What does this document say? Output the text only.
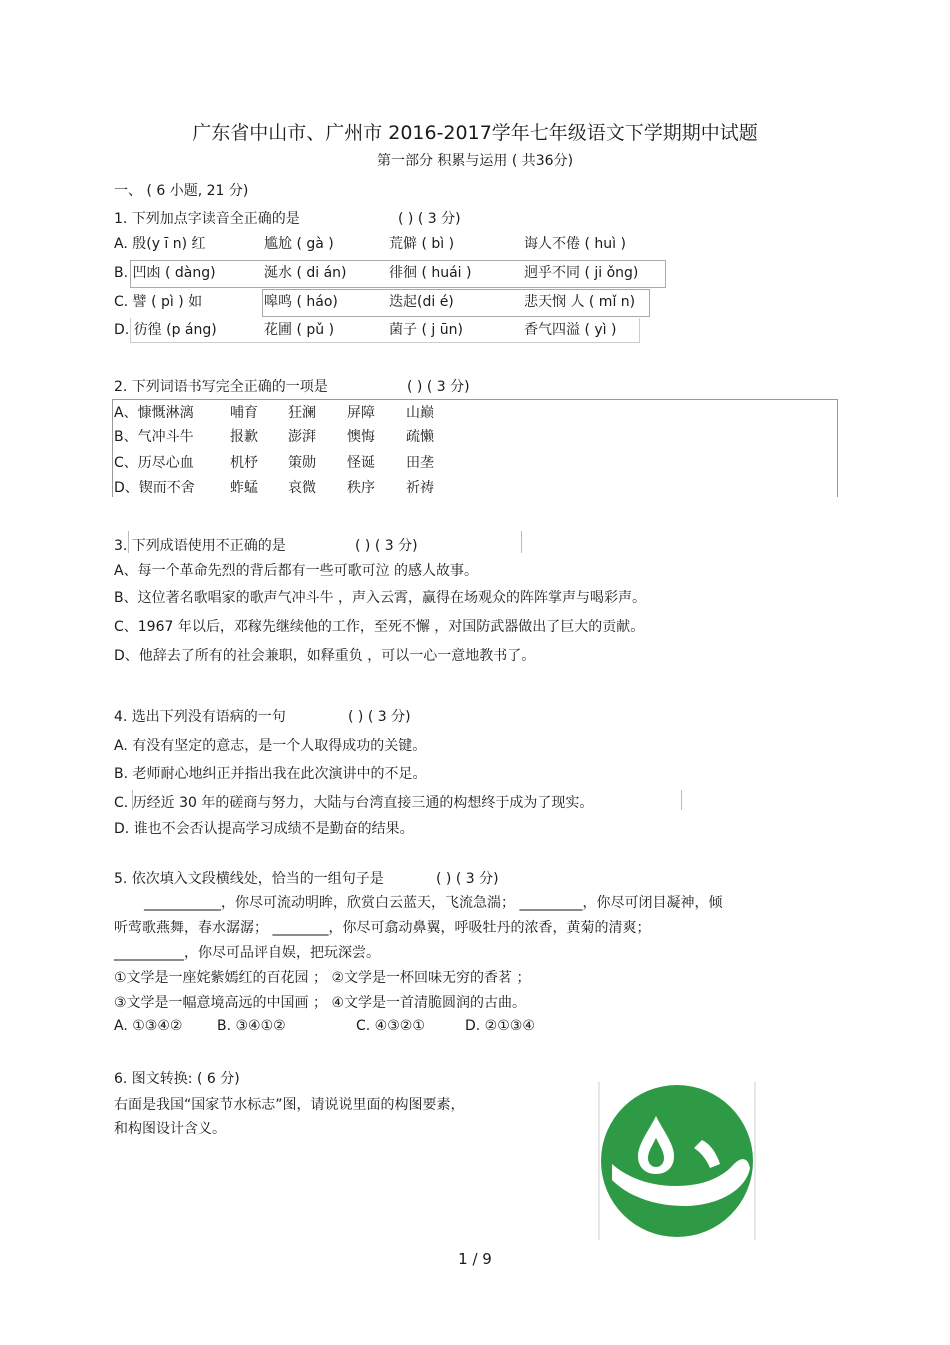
广东省中山市、广州市 2016-2017学年七年级语文下学期期中试题
第一部分 积累与运用 ( 共36分)
一、 ( 6 小题, 21 分)
1. 下列加点字读音全正确的是	( ) ( 3 分)
A. 殷(y ī n) 红	尴尬 ( gà )	荒僻 ( bì )	诲人不倦 ( huì )
B. 凹凼 ( dàng)	涎水 ( di án)	徘徊 ( huái )	迥乎不同 ( ji ǒng)
C. 譬 ( pì ) 如	嗥鸣 ( háo)	迭起(di é)	悲天悯 人 ( mǐ n)
D. 彷徨 (p áng)	花圃 ( pǔ )	菌子 ( j ūn)	香气四溢 ( yì )
2. 下列词语书写完全正确的一项是	( ) ( 3 分)
A、慷慨淋漓	哺育 狂澜 屏障 山巅
B、气冲斗牛	报歉 澎湃 懊悔 疏懒
C、历尽心血	机杼 策勋 怪诞 田垄
D、锲而不舍	蚱蜢 哀微 秩序 祈祷
3. 下列成语使用不正确的是	( ) ( 3 分)
A、每一个革命先烈的背后都有一些可歌可泣 的感人故事。
B、这位著名歌唱家的歌声气冲斗牛 ，声入云霄，赢得在场观众的阵阵掌声与喝彩声。
C、1967 年以后，邓稼先继续他的工作，至死不懈 ，对国防武器做出了巨大的贡献。
D、他辞去了所有的社会兼职，如释重负 ，可以一心一意地教书了。
4. 选出下列没有语病的一句	( ) ( 3 分)
A. 有没有坚定的意志，是一个人取得成功的关键。
B. 老师耐心地纠正并指出我在此次演讲中的不足。
C. 历经近 30 年的磋商与努力，大陆与台湾直接三通的构想终于成为了现实。
D. 谁也不会否认提高学习成绩不是勤奋的结果。
5. 依次填入文段横线处，恰当的一组句子是	( ) ( 3 分)
___________，你尽可流动明眸，欣赏白云蓝天，飞流急湍； _________，你尽可闭目凝神，倾
听莺歌燕舞，春水潺潺； ________，你尽可翕动鼻翼，呼吸牡丹的浓香，黄菊的清爽；
__________，你尽可品评自娱，把玩深尝。
①文学是一座姹紫嫣红的百花园 ； ②文学是一杯回味无穷的香茗 ；
③文学是一幅意境高远的中国画 ； ④文学是一首清脆圆润的古曲。
A. ①③④② B. ③④①②	C. ④③②①	D. ②①③④
6. 图文转换: ( 6 分)
右面是我国“国家节水标志”图，请说说里面的构图要素，
和构图设计含义。
1 / 9
